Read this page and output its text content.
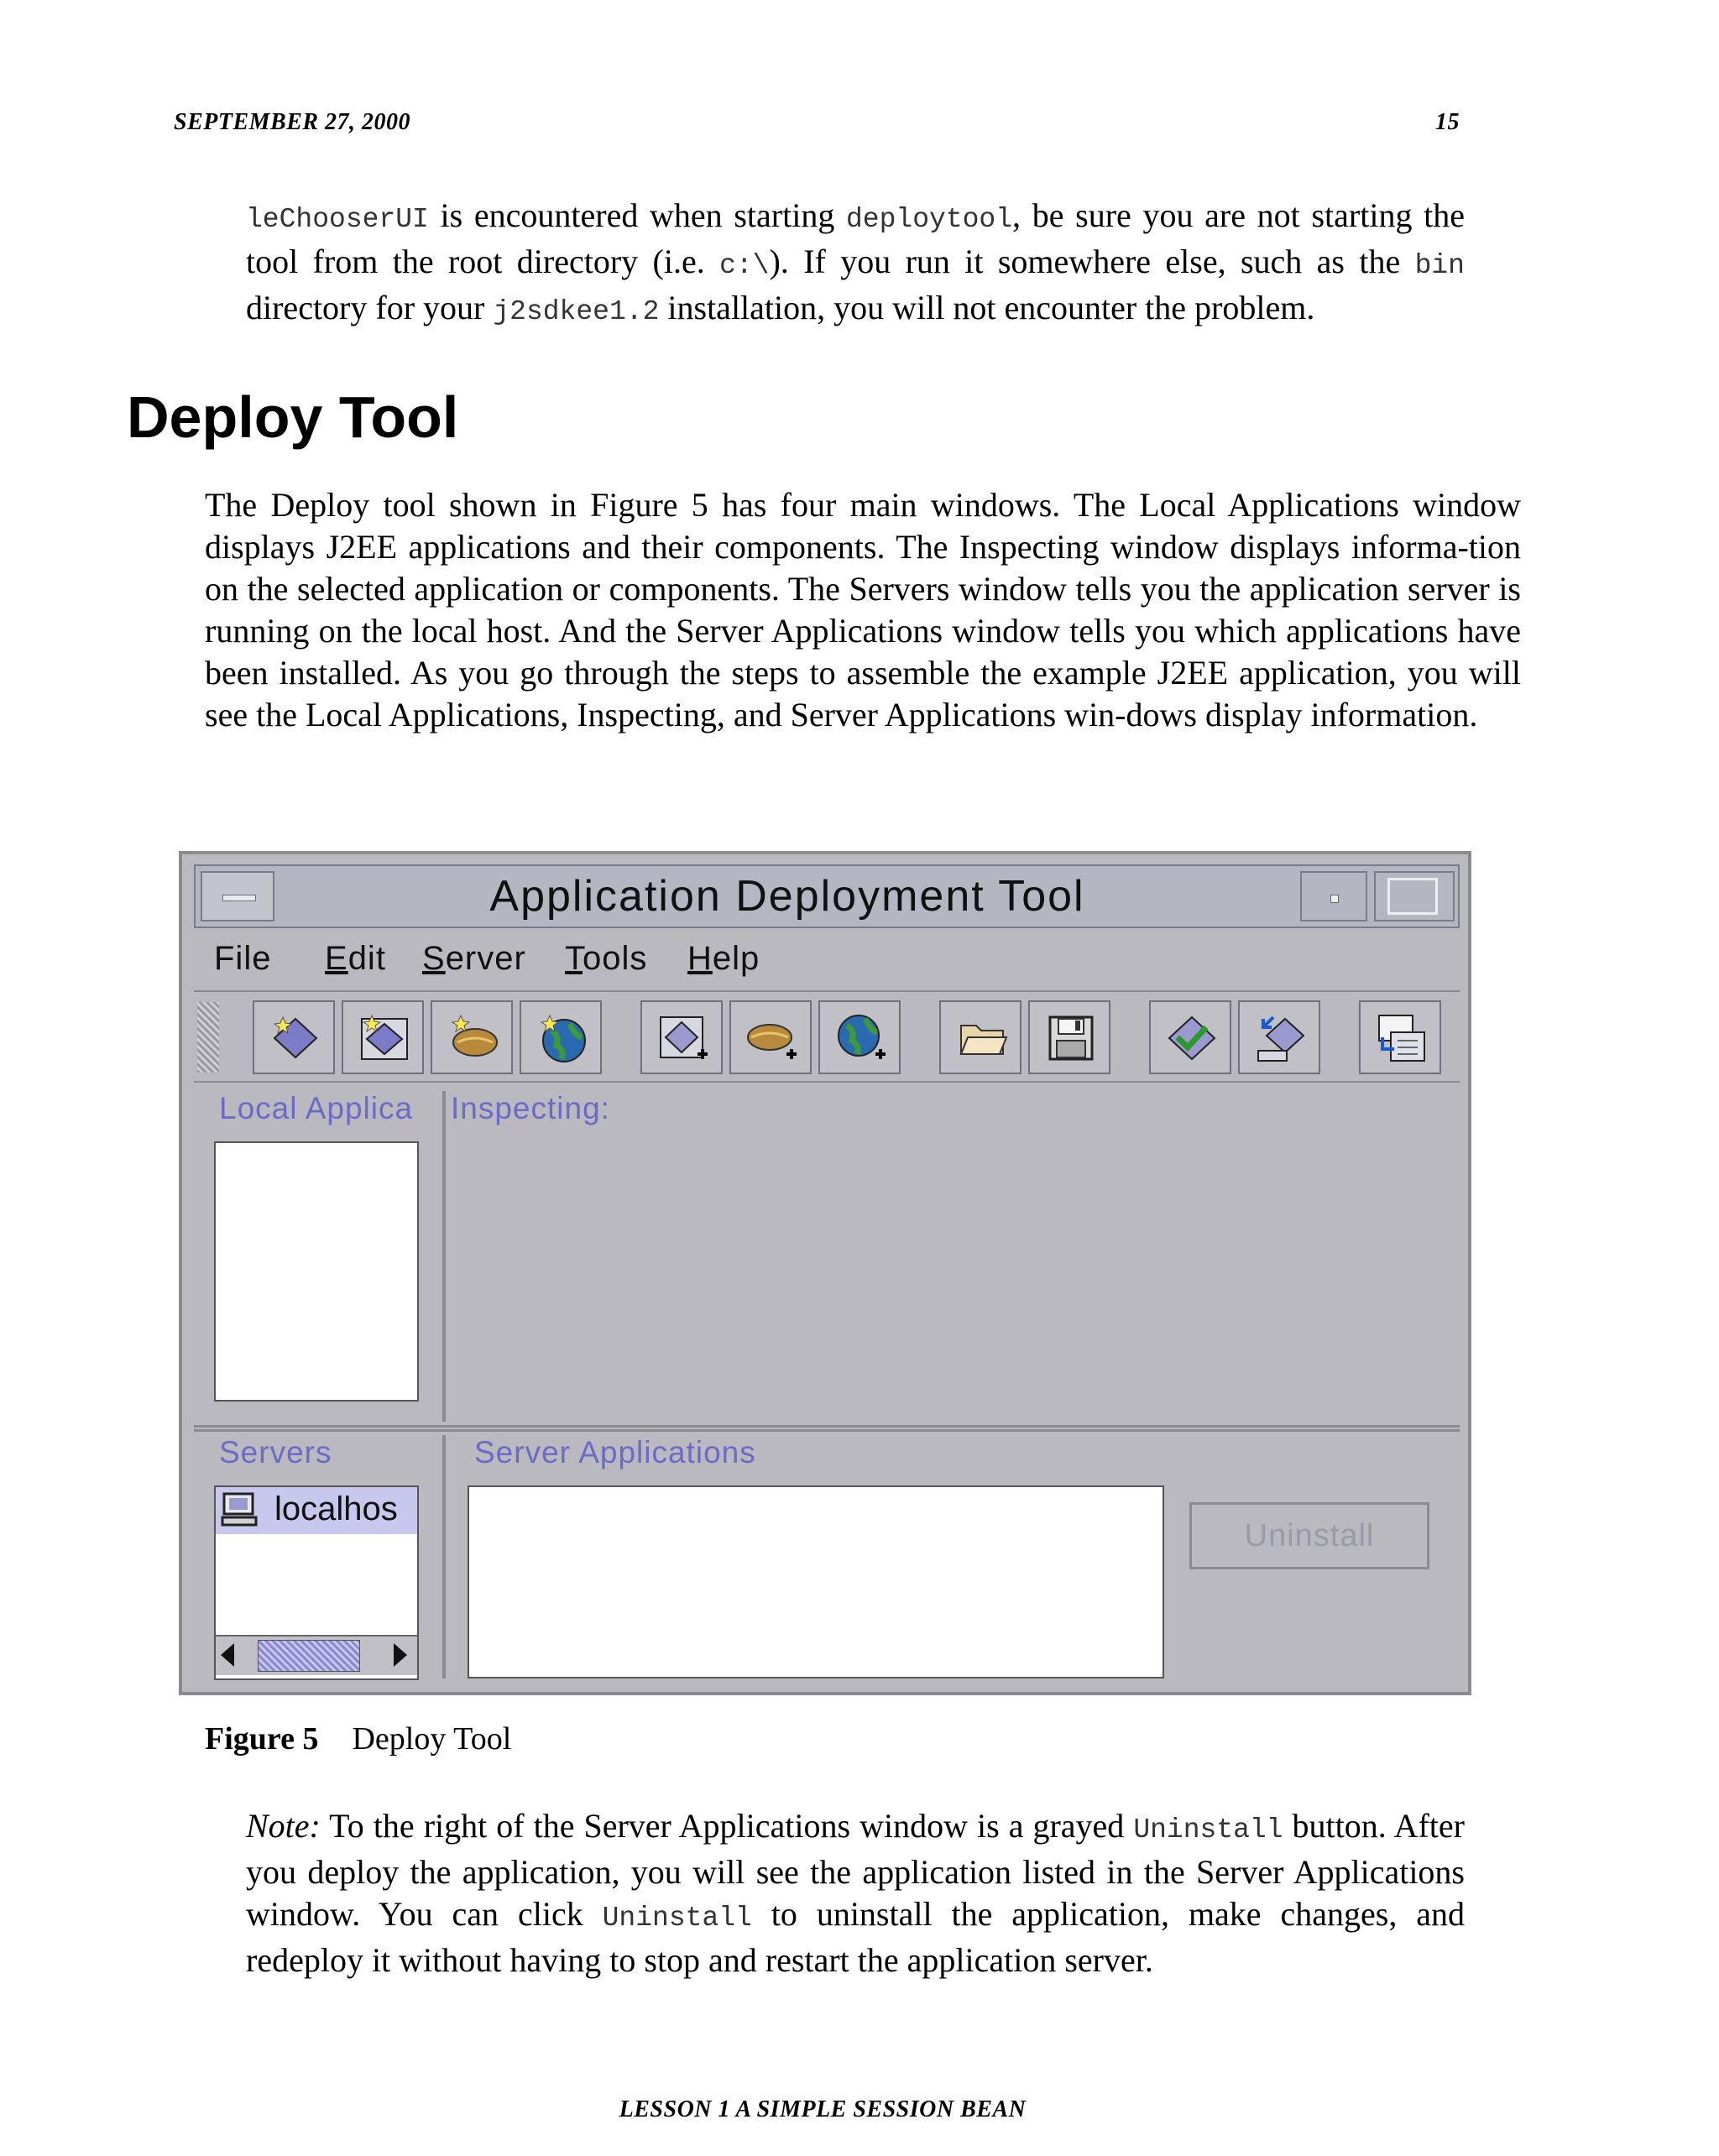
SEPTEMBER 27, 2000	15
leChooserUI is encountered when starting deploytool, be sure you are not starting the tool from the root directory (i.e. c:\). If you run it somewhere else, such as the bin directory for your j2sdkee1.2 installation, you will not encounter the problem.
Deploy Tool
The Deploy tool shown in Figure 5 has four main windows. The Local Applications window displays J2EE applications and their components. The Inspecting window displays informa-tion on the selected application or components. The Servers window tells you the application server is running on the local host. And the Server Applications window tells you which applications have been installed. As you go through the steps to assemble the example J2EE application, you will see the Local Applications, Inspecting, and Server Applications win-dows display information.
Application Deployment Tool
File Edit Server Tools Help
Local Applica	Inspecting:
Servers
localhos
Server Applications
Uninstall
Figure 5 Deploy Tool
Note: To the right of the Server Applications window is a grayed Uninstall button. After you deploy the application, you will see the application listed in the Server Applications window. You can click Uninstall to uninstall the application, make changes, and redeploy it without having to stop and restart the application server.
LESSON 1 A SIMPLE SESSION BEAN
